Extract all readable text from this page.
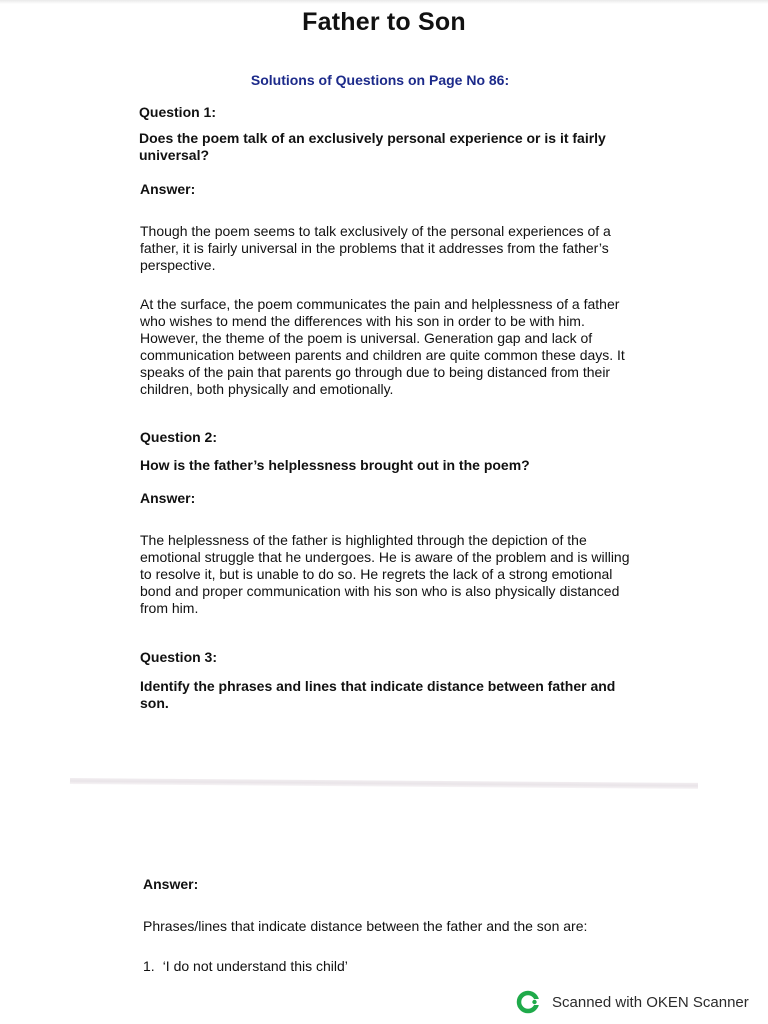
Father to Son
Solutions of Questions on Page No 86:

Question 1:

Does the poem talk of an exclusively personal experience or is it fairly universal?

Answer:

Though the poem seems to talk exclusively of the personal experiences of a father, it is fairly universal in the problems that it addresses from the father’s perspective.

At the surface, the poem communicates the pain and helplessness of a father who wishes to mend the differences with his son in order to be with him. However, the theme of the poem is universal. Generation gap and lack of communication between parents and children are quite common these days. It speaks of the pain that parents go through due to being distanced from their children, both physically and emotionally.

Question 2:

How is the father’s helplessness brought out in the poem?

Answer:

The helplessness of the father is highlighted through the depiction of the emotional struggle that he undergoes. He is aware of the problem and is willing to resolve it, but is unable to do so. He regrets the lack of a strong emotional bond and proper communication with his son who is also physically distanced from him.

Question 3:

Identify the phrases and lines that indicate distance between father and son.

Answer:

Phrases/lines that indicate distance between the father and the son are:

1. ‘I do not understand this child’

Scanned with OKEN Scanner
